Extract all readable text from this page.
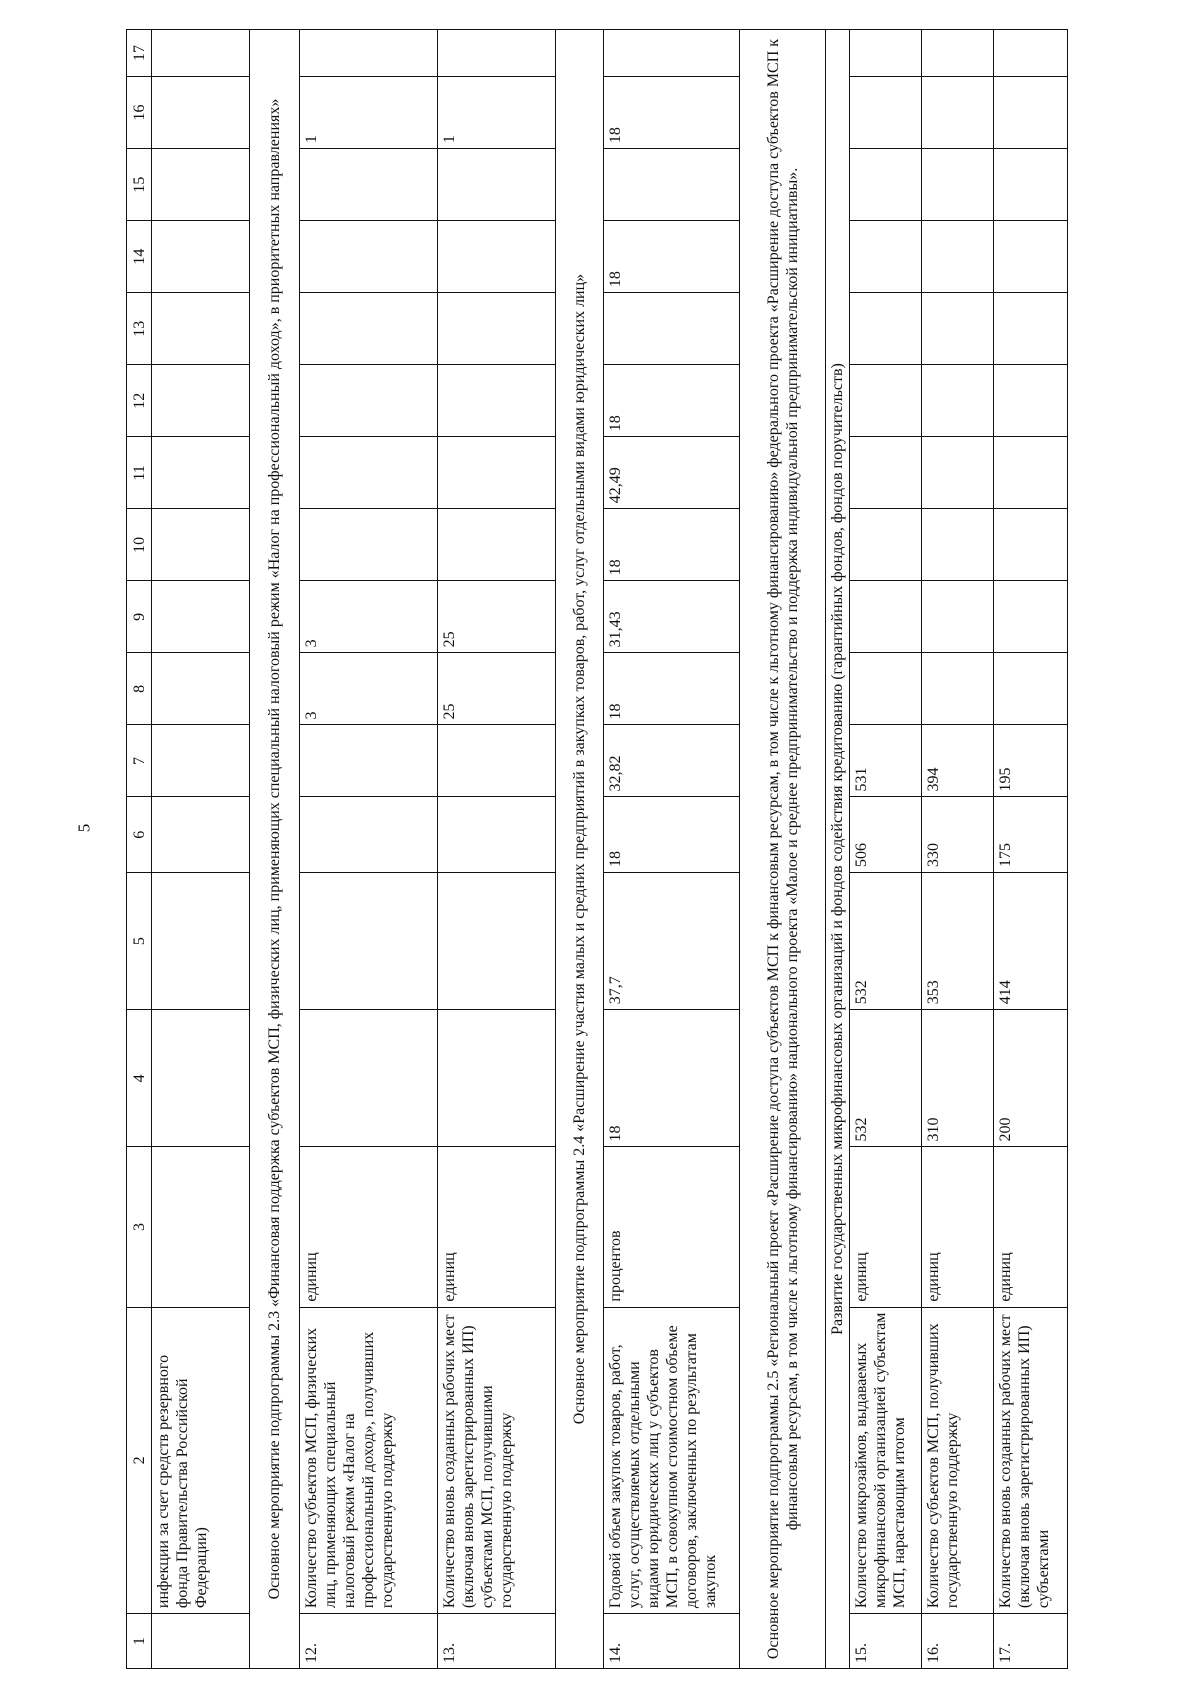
5
1	2	3	4	5	6	7	8	9	10	11	12	13	14	15	16	17
	инфекции за счет средств резервного фонда Правительства Российской Федерации)															
Основное мероприятие подпрограммы 2.3 «Финансовая поддержка субъектов МСП, физических лиц, применяющих специальный налоговый режим «Налог на профессиональный доход», в приоритетных направлениях»																
12.	Количество субъектов МСП, физических лиц, применяющих специальный налоговый режим «Налог на профессиональный доход», получивших государственную поддержку	единиц					3	3							1	
13.	Количество вновь созданных рабочих мест (включая вновь зарегистрированных ИП) субъектами МСП, получившими государственную поддержку	единиц					25	25							1	
Основное мероприятие подпрограммы 2.4 «Расширение участия малых и средних предприятий в закупках товаров, работ, услуг отдельными видами юридических лиц»																
14.	Годовой объем закупок товаров, работ, услуг, осуществляемых отдельными видами юридических лиц у субъектов МСП, в совокупном стоимостном объеме договоров, заключенных по результатам закупок	процентов	18	37,7	18	32,82	18	31,43	18	42,49	18		18		18	
Основное мероприятие подпрограммы 2.5 «Региональный проект «Расширение доступа субъектов МСП к финансовым ресурсам, в том числе к льготному финансированию» федерального проекта «Расширение доступа субъектов МСП к финансовым ресурсам, в том числе к льготному финансированию» национального проекта «Малое и среднее предпринимательство и поддержка индивидуальной предпринимательской инициативы».																
Развитие государственных микрофинансовых организаций и фондов содействия кредитованию (гарантийных фондов, фондов поручительств)																
15.	Количество микрозаймов, выдаваемых микрофинансовой организацией субъектам МСП, нарастающим итогом	единиц	532	532	506	531										
16.	Количество субъектов МСП, получивших государственную поддержку	единиц	310	353	330	394										
17.	Количество вновь созданных рабочих мест (включая вновь зарегистрированных ИП) субъектами	единиц	200	414	175	195										
